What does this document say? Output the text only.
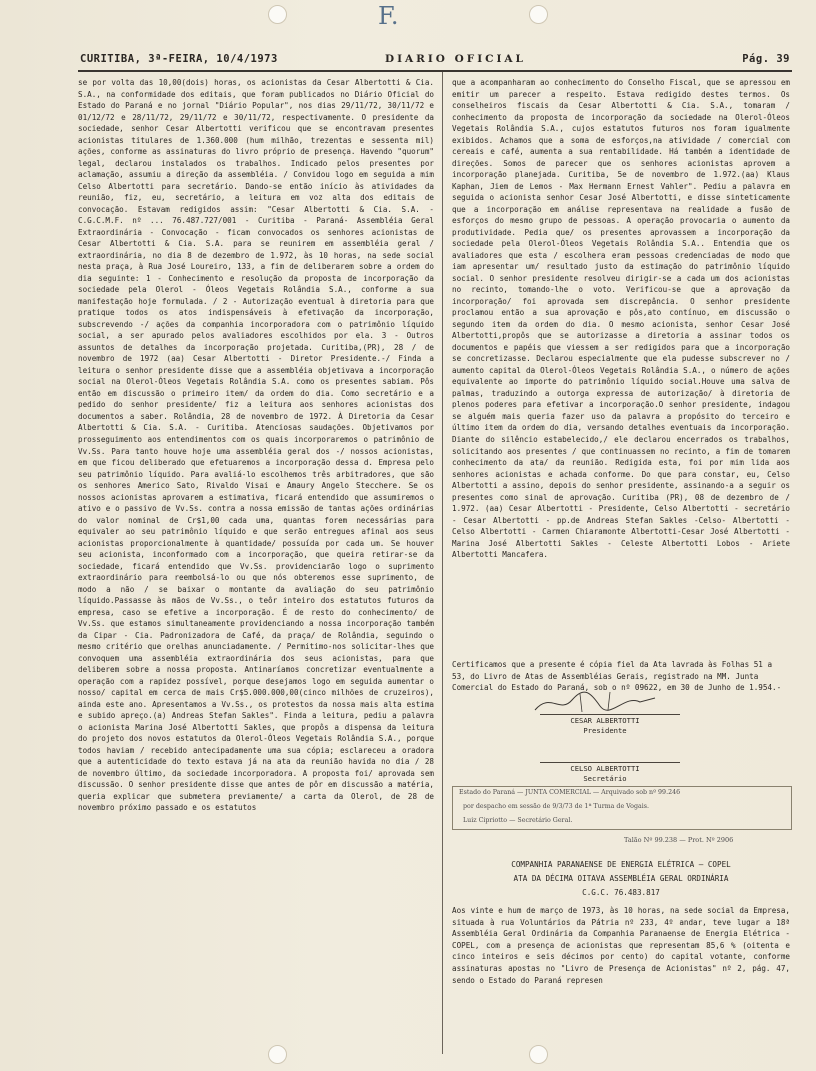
F.
CURITIBA, 3ª-FEIRA, 10/4/1973	DIARIO OFICIAL	Pág. 39

se por volta das 10,00(dois) horas, os acionistas da Cesar Albertotti & Cia. S.A., na conformidade dos editais, que foram publicados no Diário Oficial do Estado do Paraná e no jornal "Diário Popular", nos dias 29/11/72, 30/11/72 e 01/12/72 e 28/11/72, 29/11/72 e 30/11/72, respectivamente. O presidente da sociedade, senhor Cesar Albertotti verificou que se encontravam presentes acionistas titulares de 1.360.000 (hum milhão, trezentas e sessenta mil) ações, conforme as assinaturas do livro próprio de presença. Havendo "quorum" legal, declarou instalados os trabalhos. Indicado pelos presentes por aclamação, assumiu a direção da assembléia. / Convidou logo em seguida a mim Celso Albertotti para secretário. Dando-se então início às atividades da reunião, fiz, eu, secretário, a leitura em voz alta dos editais de convocação. Estavam redigidos assim: "Cesar Albertotti & Cia. S.A. - C.G.C.M.F. nº ... 76.487.727/001 - Curitiba - Paraná- Assembléia Geral Extraordinária - Convocação - ficam convocados os senhores acionistas de Cesar Albertotti & Cia. S.A. para se reunirem em assembléia geral / extraordinária, no dia 8 de dezembro de 1.972, às 10 horas, na sede social nesta praça, à Rua José Loureiro, 133, a fim de deliberarem sobre a ordem do dia seguinte: 1 - Conhecimento e resolução da proposta de incorporação da sociedade pela Olerol - Óleos Vegetais Rolândia S.A., conforme a sua manifestação hoje formulada. / 2 - Autorização eventual à diretoria para que pratique todos os atos indispensáveis à efetivação da incorporação, subscrevendo -/ ações da companhia incorporadora com o patrimônio líquido social, a ser apurado pelos avaliadores escolhidos por ela. 3 - Outros assuntos de detalhes da incorporação projetada. Curitiba,(PR), 28 / de novembro de 1972 (aa) Cesar Albertotti - Diretor Presidente.-/ Finda a leitura o senhor presidente disse que a assembléia objetivava a incorporação social na Olerol-Óleos Vegetais Rolândia S.A. como os presentes sabiam. Pôs então em discussão o primeiro item/ da ordem do dia. Como secretário e a pedido do senhor presidente/ fiz a leitura aos senhores acionistas dos documentos a saber. Rolândia, 28 de novembro de 1972. À Diretoria da Cesar Albertotti & Cia. S.A. - Curitiba. Atenciosas saudações. Objetivamos por prosseguimento aos entendimentos com os quais incorporaremos o patrimônio de Vv.Ss. Para tanto houve hoje uma assembléia geral dos -/ nossos acionistas, em que ficou deliberado que efetuaremos a incorporação dessa d. Empresa pelo seu patrimônio líquido. Para avaliá-lo escolhemos três arbitradores, que são os senhores Americo Sato, Rivaldo Visai e Amaury Angelo Stecchere. Se os nossos acionistas aprovarem a estimativa, ficará entendido que assumiremos o ativo e o passivo de Vv.Ss. contra a nossa emissão de tantas ações ordinárias do valor nominal de Cr$1,00 cada uma, quantas forem necessárias para equivaler ao seu patrimônio líquido e que serão entregues afinal aos seus acionistas proporcionalmente à quantidade/ possuída por cada um. Se houver seu acionista, inconformado com a incorporação, que queira retirar-se da sociedade, ficará entendido que Vv.Ss. providenciarão logo o suprimento extraordinário para reembolsá-lo ou que nós obteremos esse suprimento, de modo a não / se baixar o montante da avaliação do seu patrimônio líquido.Passasse às mãos de Vv.Ss., o teôr inteiro dos estatutos futuros da empresa, caso se efetive a incorporação. É de resto do conhecimento/ de Vv.Ss. que estamos simultaneamente providenciando a nossa incorporação também da Cipar - Cia. Padronizadora de Café, da praça/ de Rolândia, seguindo o mesmo critério que orelhas anunciadamente. / Permitimo-nos solicitar-lhes que convoquem uma assembléia extraordinária dos seus acionistas, para que deliberem sobre a nossa proposta. Antinaríamos concretizar eventualmente a operação com a rapidez possível, porque desejamos logo em seguida aumentar o nosso/ capital em cerca de mais Cr$5.000.000,00(cinco milhões de cruzeiros), ainda este ano. Apresentamos a Vv.Ss., os protestos da nossa mais alta estima e subido apreço.(a) Andreas Stefan Sakles". Finda a leitura, pediu a palavra o acionista Marina José Albertotti Sakles, que propôs a dispensa da leitura do projeto dos novos estatutos da Olerol-Óleos Vegetais Rolândia S.A., porque todos haviam / recebido antecipadamente uma sua cópia; esclareceu a oradora que a autenticidade do texto estava já na ata da reunião havida no dia / 28 de novembro último, da sociedade incorporadora. A proposta foi/ aprovada sem discussão. O senhor presidente disse que antes de pôr em discussão a matéria, queria explicar que submetera previamente/ a carta da Olerol, de 28 de novembro próximo passado e os estatutos

que a acompanharam ao conhecimento do Conselho Fiscal, que se apressou em emitir um parecer a respeito. Estava redigido destes termos. Os conselheiros fiscais da Cesar Albertotti & Cia. S.A., tomaram / conhecimento da proposta de incorporação da sociedade na Olerol-Óleos Vegetais Rolândia S.A., cujos estatutos futuros nos foram igualmente exibidos. Achamos que a soma de esforços,na atividade / comercial com cereais e café, aumenta a sua rentabilidade. Há também a identidade de direções. Somos de parecer que os senhores acionistas aprovem a incorporação planejada. Curitiba, 5e de novembro de 1.972.(aa) Klaus Kaphan, Jiem de Lemos - Max Hermann Ernest Vahler". Pediu a palavra em seguida o acionista senhor Cesar José Albertotti, e disse sinteticamente que a incorporação em análise representava na realidade a fusão de esforços do mesmo grupo de pessoas. A operação provocaria o aumento da produtividade. Pedia que/ os presentes aprovassem a incorporação da sociedade pela Olerol-Óleos Vegetais Rolândia S.A.. Entendia que os avaliadores que esta / escolhera eram pessoas credenciadas de modo que iam apresentar um/ resultado justo da estimação do patrimônio líquido social. O senhor presidente resolveu dirigir-se a cada um dos acionistas no recinto, tomando-lhe o voto. Verificou-se que a aprovação da incorporação/ foi aprovada sem discrepância. O senhor presidente proclamou então a sua aprovação e pôs,ato contínuo, em discussão o segundo item da ordem do dia. O mesmo acionista, senhor Cesar José Albertotti,propôs que se autorizasse a diretoria a assinar todos os documentos e papéis que viessem a ser redigidos para que a incorporação se concretizasse. Declarou especialmente que ela pudesse subscrever no / aumento capital da Olerol-Óleos Vegetais Rolândia S.A., o número de ações equivalente ao importe do patrimônio líquido social.Houve uma salva de palmas, traduzindo a outorga expressa de autorização/ à diretoria de plenos poderes para efetivar a incorporação.O senhor presidente, indagou se alguém mais queria fazer uso da palavra a propósito do terceiro e último item da ordem do dia, versando detalhes eventuais da incorporação. Diante do silêncio estabelecido,/ ele declarou encerrados os trabalhos, solicitando aos presentes / que continuassem no recinto, a fim de tomarem conhecimento da ata/ da reunião. Redigida esta, foi por mim lida aos senhores acionistas e achada conforme. Do que para constar, eu, Celso Albertotti a assino, depois do senhor presidente, assinando-a a seguir os presentes como sinal de aprovação. Curitiba (PR), 08 de dezembro de / 1.972. (aa) Cesar Albertotti - Presidente, Celso Albertotti - secretário - Cesar Albertotti - pp.de Andreas Stefan Sakles -Celso- Albertotti - Celso Albertotti - Carmen Chiaramonte Albertotti-Cesar José Albertotti - Marina José Albertotti Sakles - Celeste Albertotti Lobos - Ariete Albertotti Mancafera.

Certificamos que a presente é cópia fiel da Ata lavrada às Folhas 51 a 53, do Livro de Atas de Assembléias Gerais, registrado na MM. Junta Comercial do Estado do Paraná, sob o nº 09622, em 30 de Junho de 1.954.-
CESAR ALBERTOTTI
Presidente
CELSO ALBERTOTTI
Secretário
Estado do Paraná — JUNTA COMERCIAL — Arquivado sob nº 99.246
por despacho em sessão de 9/3/73 de 1ª Turma de Vogais.
Luiz Cipriotto — Secretário Geral.
Talão Nº 99.238 — Prot. Nº 2906
COMPANHIA PARANAENSE DE ENERGIA ELÉTRICA — COPEL
ATA DA DÉCIMA OITAVA ASSEMBLÉIA GERAL ORDINÁRIA
C.G.C. 76.483.817
Aos vinte e hum de março de 1973, às 10 horas, na sede social da Empresa, situada à rua Voluntários da Pátria nº 233, 4º andar, teve lugar a 18ª Assembléia Geral Ordinária da Companhia Paranaense de Energia Elétrica - COPEL, com a presença de acionistas que representam 85,6 % (oitenta e cinco inteiros e seis décimos por cento) do capital votante, conforme assinaturas apostas no "Livro de Presença de Acionistas" nº 2, pág. 47, sendo o Estado do Paraná represen
